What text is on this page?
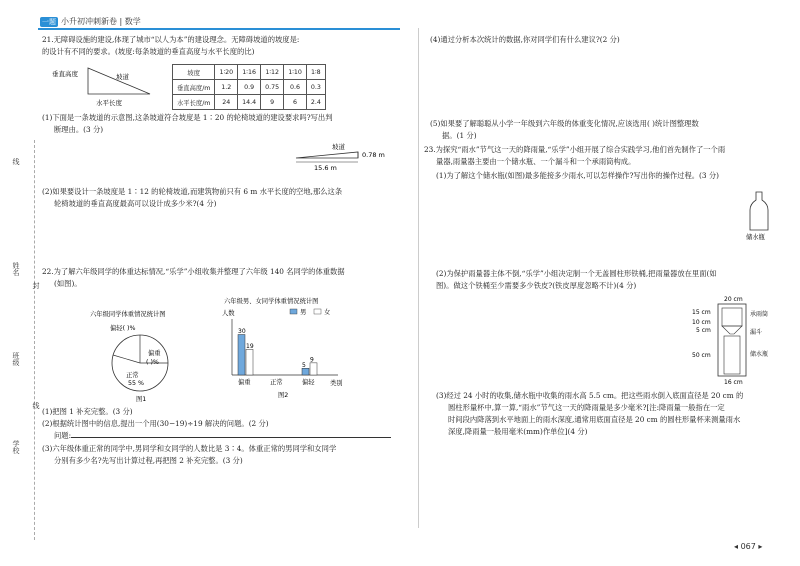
一题 小升初冲刺新卷 | 数学
线
姓名
封
班级
线
学校
21.无障碍设施的建设,体现了城市“以人为本”的建设理念。无障碍坡道的坡度是:
的设计有不同的要求。(坡度:每条坡道的垂直高度与水平长度的比)
垂直高度	坡道
水平长度
坡度	1∶20	1∶16	1∶12	1∶10	1∶8
垂直高度/m	1.2	0.9	0.75	0.6	0.3
水平长度/m	24	14.4	9	6	2.4
(1)下面是一条坡道的示意图,这条坡道符合坡度是 1∶20 的轮椅坡道的建设要求吗?写出判
断理由。(3 分)
坡道
0.78 m
15.6 m
(2)如果要设计一条坡度是 1∶12 的轮椅坡道,而建筑物前只有 6 m 水平长度的空地,那么这条
轮椅坡道的垂直高度最高可以设计成多少米?(4 分)
22.为了解六年级同学的体重达标情况,“乐学”小组收集并整理了六年级 140 名同学的体重数据
(如图)。
六年级同学体重情况统计图
偏轻( )%
偏重
( )%
正常
55 %
图1
六年级男、女同学体重情况统计图
人数	男	女
30
19
偏重	正常
5
9
偏轻 类别
图2
(1)把图 1 补充完整。(3 分)
(2)根据统计图中的信息,提出一个用(30−19)÷19 解决的问题。(2 分)
问题:
(3)六年级体重正常的同学中,男同学和女同学的人数比是 3∶4。体重正常的男同学和女同学
分别有多少名?先写出计算过程,再把图 2 补充完整。(3 分)
(4)通过分析本次统计的数据,你对同学们有什么建议?(2 分)
(5)如果要了解聪聪从小学一年级到六年级的体重变化情况,应该选用( )统计图整理数
据。(1 分)
23.为探究“雨水”节气这一天的降雨量,“乐学”小组开展了综合实践学习,他们首先制作了一个雨
量器,雨量器主要由一个储水瓶、一个漏斗和一个承雨筒构成。
(1)为了解这个储水瓶(如图)最多能接多少雨水,可以怎样操作?写出你的操作过程。(3 分)
储水瓶
(2)为保护雨量器主体不倒,“乐学”小组决定制一个无盖圆柱形铁桶,把雨量器放在里面(如
图)。做这个铁桶至少需要多少铁皮?(铁皮厚度忽略不计)(4 分)
20 cm
15 cm
10 cm
5 cm
50 cm
承雨筒
漏斗
储水瓶
16 cm
(3)经过 24 小时的收集,储水瓶中收集的雨水高 5.5 cm。把这些雨水倒入底面直径是 20 cm 的
圆柱形量杯中,算一算,“雨水”节气这一天的降雨量是多少毫米?[注:降雨量一般指在一定
时间段内降落到水平地面上的雨水深度,通常用底面直径是 20 cm 的圆柱形量杯来测量雨水
深度,降雨量一般用毫米(mm)作单位](4 分)
◂ 067 ▸
